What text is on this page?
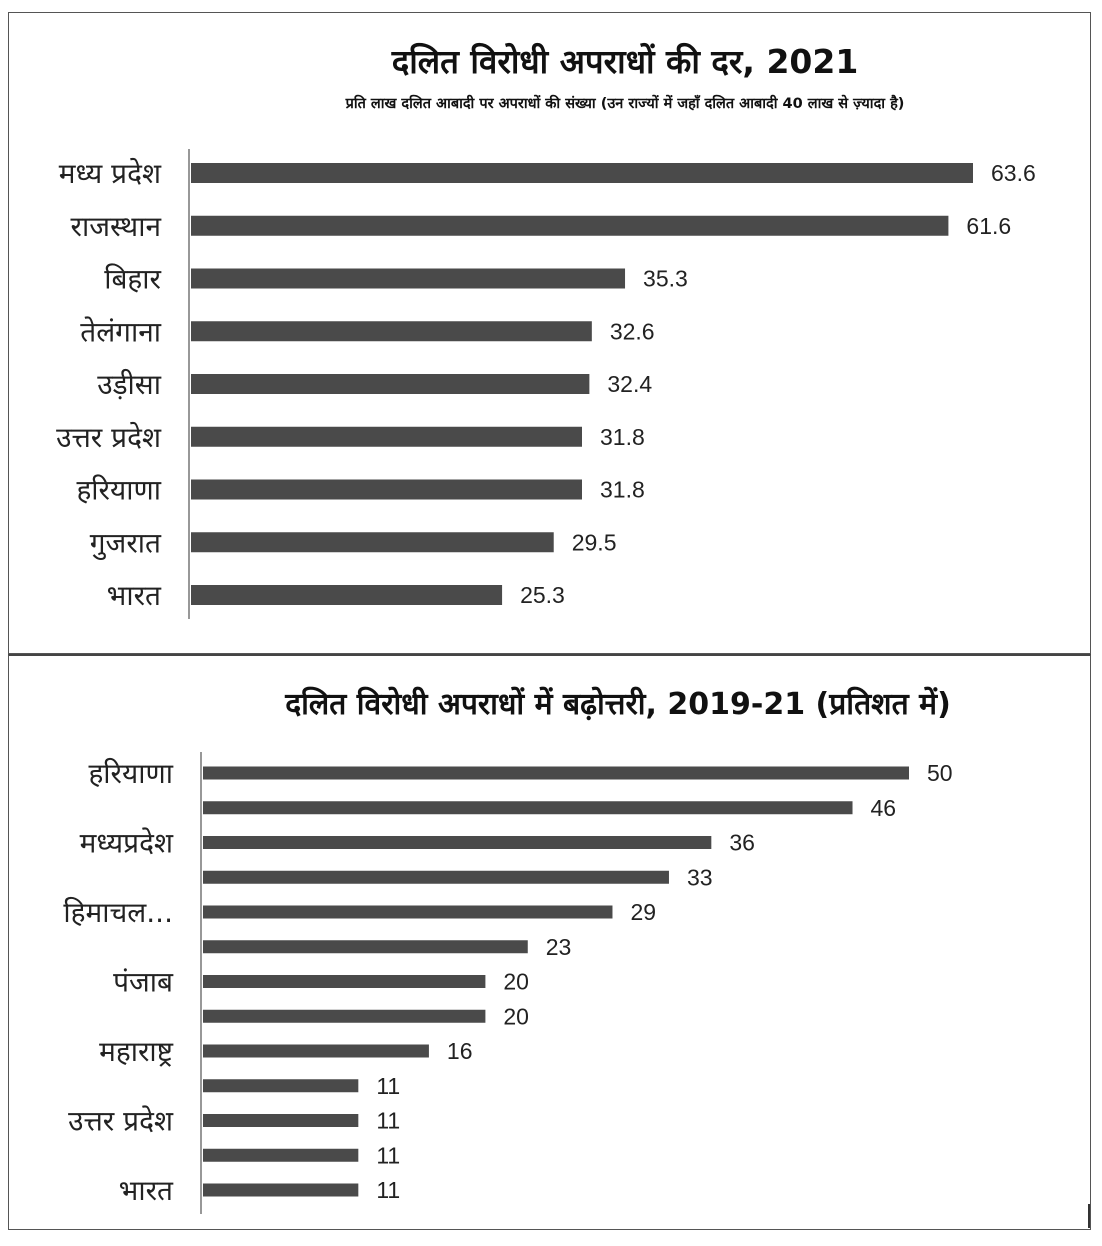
दलित विरोधी अपराधों की दर, 2021
प्रति लाख दलित आबादी पर अपराधों की संख्या (उन राज्यों में जहाँ दलित आबादी 40 लाख से ज़्यादा है)
63.6
मध्य प्रदेश
61.6
राजस्थान
35.3
बिहार
32.6
तेलंगाना
32.4
उड़ीसा
31.8
उत्तर प्रदेश
31.8
हरियाणा
29.5
गुजरात
25.3
भारत
दलित विरोधी अपराधों में बढ़ोत्तरी, 2019-21 (प्रतिशत में)
50
हरियाणा
46
36
मध्यप्रदेश
33
29
हिमाचल...
23
20
पंजाब
20
16
महाराष्ट्र
11
11
उत्तर प्रदेश
11
11
भारत
